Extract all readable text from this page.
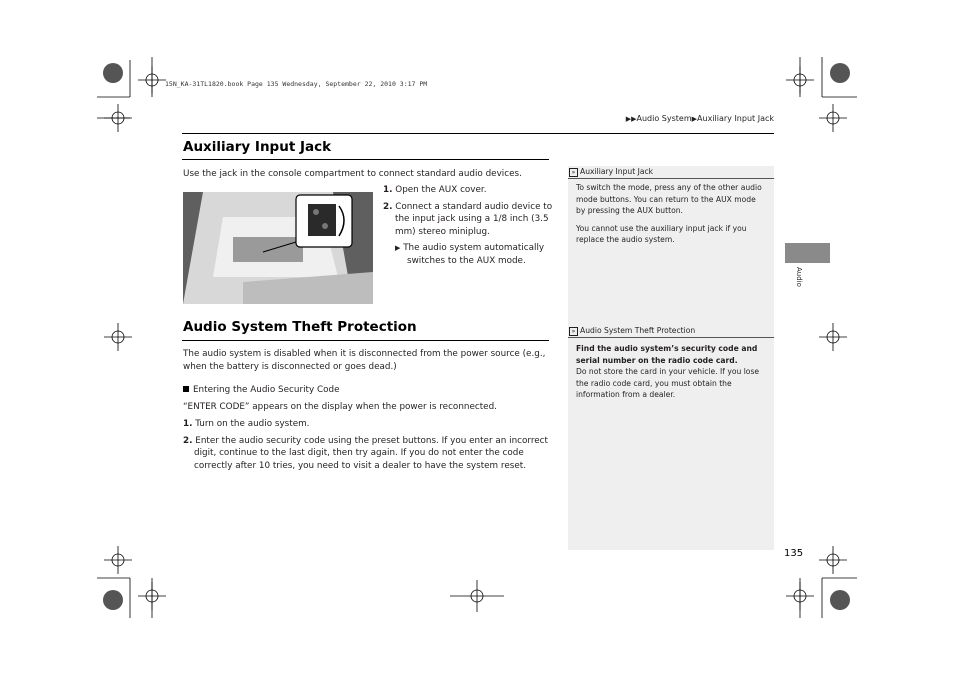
15N_KA-31TL1820.book Page 135 Wednesday, September 22, 2010 3:17 PM
▶▶Audio System▶Auxiliary Input Jack
Auxiliary Input Jack
Use the jack in the console compartment to connect standard audio devices.
1. Open the AUX cover.
2. Connect a standard audio device to
the input jack using a 1/8 inch (3.5
mm) stereo miniplug.
▶ The audio system automatically
switches to the AUX mode.
Audio System Theft Protection
The audio system is disabled when it is disconnected from the power source (e.g.,
when the battery is disconnected or goes dead.)
Entering the Audio Security Code
“ENTER CODE” appears on the display when the power is reconnected.
1. Turn on the audio system.
2. Enter the audio security code using the preset buttons. If you enter an incorrect
digit, continue to the last digit, then try again. If you do not enter the code
correctly after 10 tries, you need to visit a dealer to have the system reset.
» Auxiliary Input Jack
To switch the mode, press any of the other audio
mode buttons. You can return to the AUX mode
by pressing the AUX button.
You cannot use the auxiliary input jack if you
replace the audio system.
» Audio System Theft Protection
Find the audio system’s security code and
serial number on the radio code card.
Do not store the card in your vehicle. If you lose
the radio code card, you must obtain the
information from a dealer.
Audio
135
